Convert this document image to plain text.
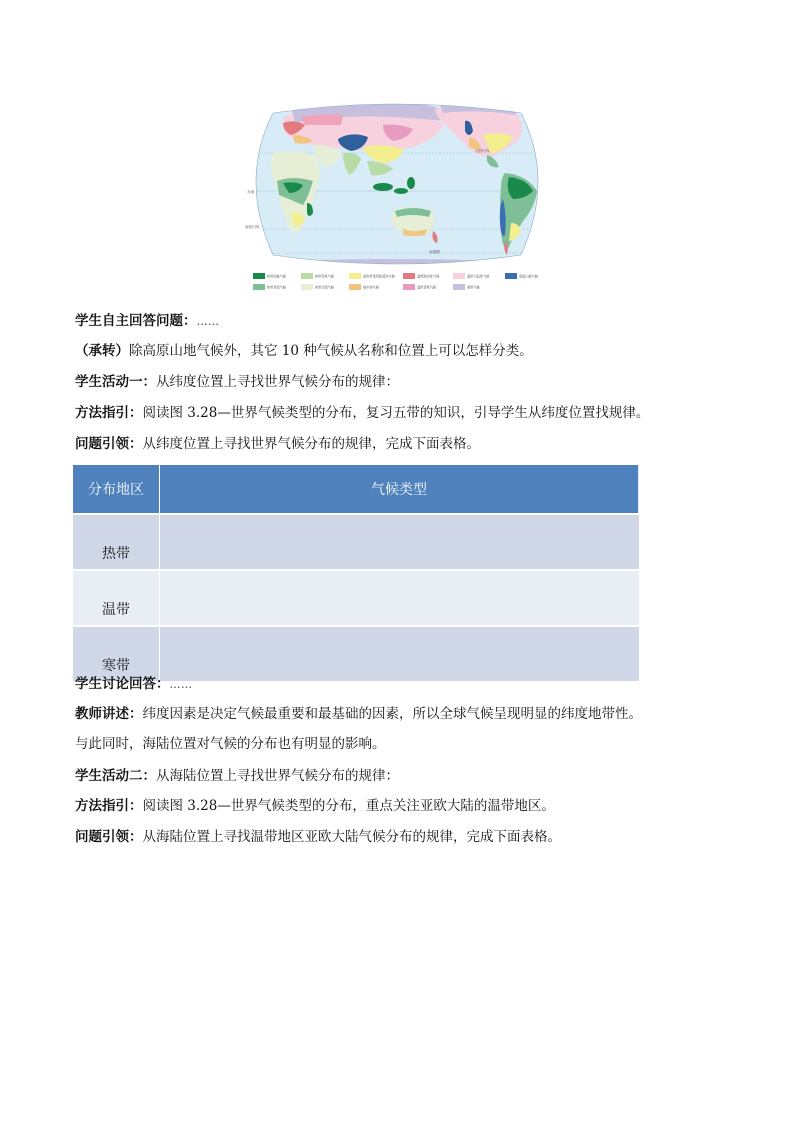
赤道
北回归线
南回归线
南极圈
热带雨林气候	热带季风气候	亚热带季风和湿润气候	温带海洋性气候	温带大陆性气候	高原山地气候
热带草原气候	热带沙漠气候	地中海气候	温带季风气候	寒带气候
学生自主回答问题：……
（承转）除高原山地气候外，其它 10 种气候从名称和位置上可以怎样分类。
学生活动一：从纬度位置上寻找世界气候分布的规律：
方法指引：阅读图 3.28—世界气候类型的分布，复习五带的知识，引导学生从纬度位置找规律。
问题引领：从纬度位置上寻找世界气候分布的规律，完成下面表格。
分布地区	气候类型
热带	
温带	
寒带	
学生讨论回答：……
教师讲述：纬度因素是决定气候最重要和最基础的因素，所以全球气候呈现明显的纬度地带性。
与此同时，海陆位置对气候的分布也有明显的影响。
学生活动二：从海陆位置上寻找世界气候分布的规律：
方法指引：阅读图 3.28—世界气候类型的分布，重点关注亚欧大陆的温带地区。
问题引领：从海陆位置上寻找温带地区亚欧大陆气候分布的规律，完成下面表格。
